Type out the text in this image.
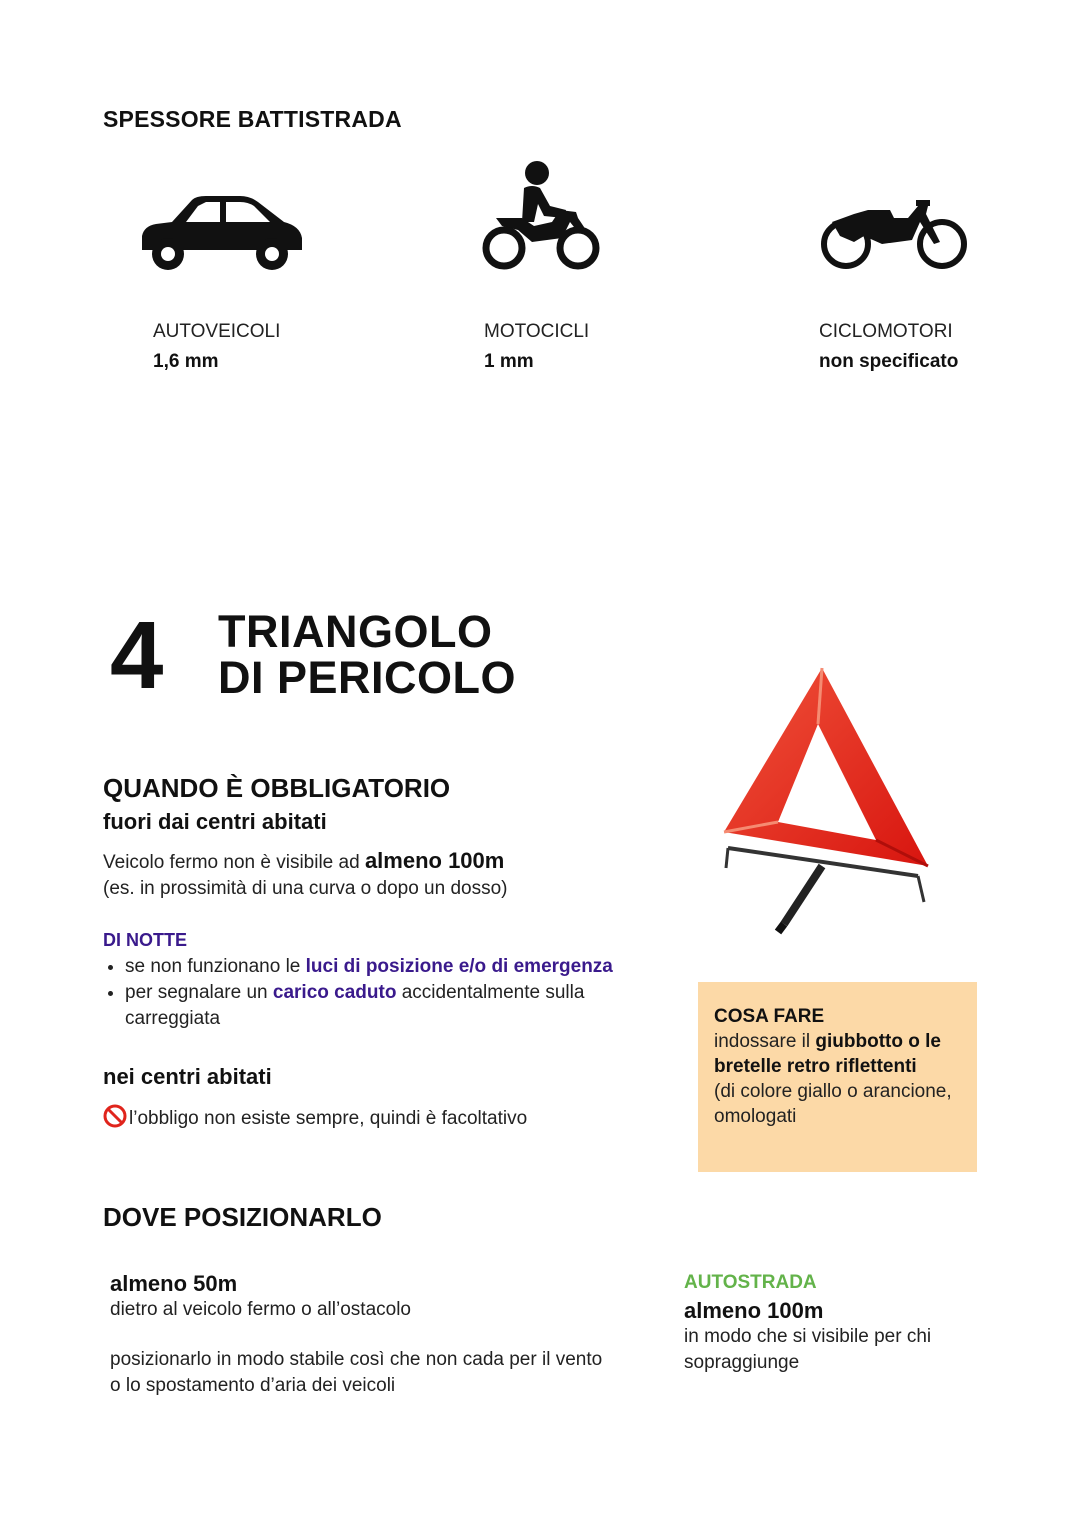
SPESSORE BATTISTRADA
AUTOVEICOLI
1,6 mm
MOTOCICLI
1 mm
CICLOMOTORI
non specificato
4 TRIANGOLO
DI PERICOLO
QUANDO È OBBLIGATORIO
fuori dai centri abitati
Veicolo fermo non è visibile ad almeno 100m
(es. in prossimità di una curva o dopo un dosso)
DI NOTTE
• se non funzionano le luci di posizione e/o di emergenza
• per segnalare un carico caduto accidentalmente sulla carreggiata
nei centri abitati
l’obbligo non esiste sempre, quindi è facoltativo
COSA FARE
indossare il giubbotto o le bretelle retro riflettenti
(di colore giallo o arancione, omologati
DOVE POSIZIONARLO
almeno 50m
dietro al veicolo fermo o all’ostacolo
posizionarlo in modo stabile così che non cada per il vento o lo spostamento d’aria dei veicoli
AUTOSTRADA
almeno 100m
in modo che si visibile per chi sopraggiunge
